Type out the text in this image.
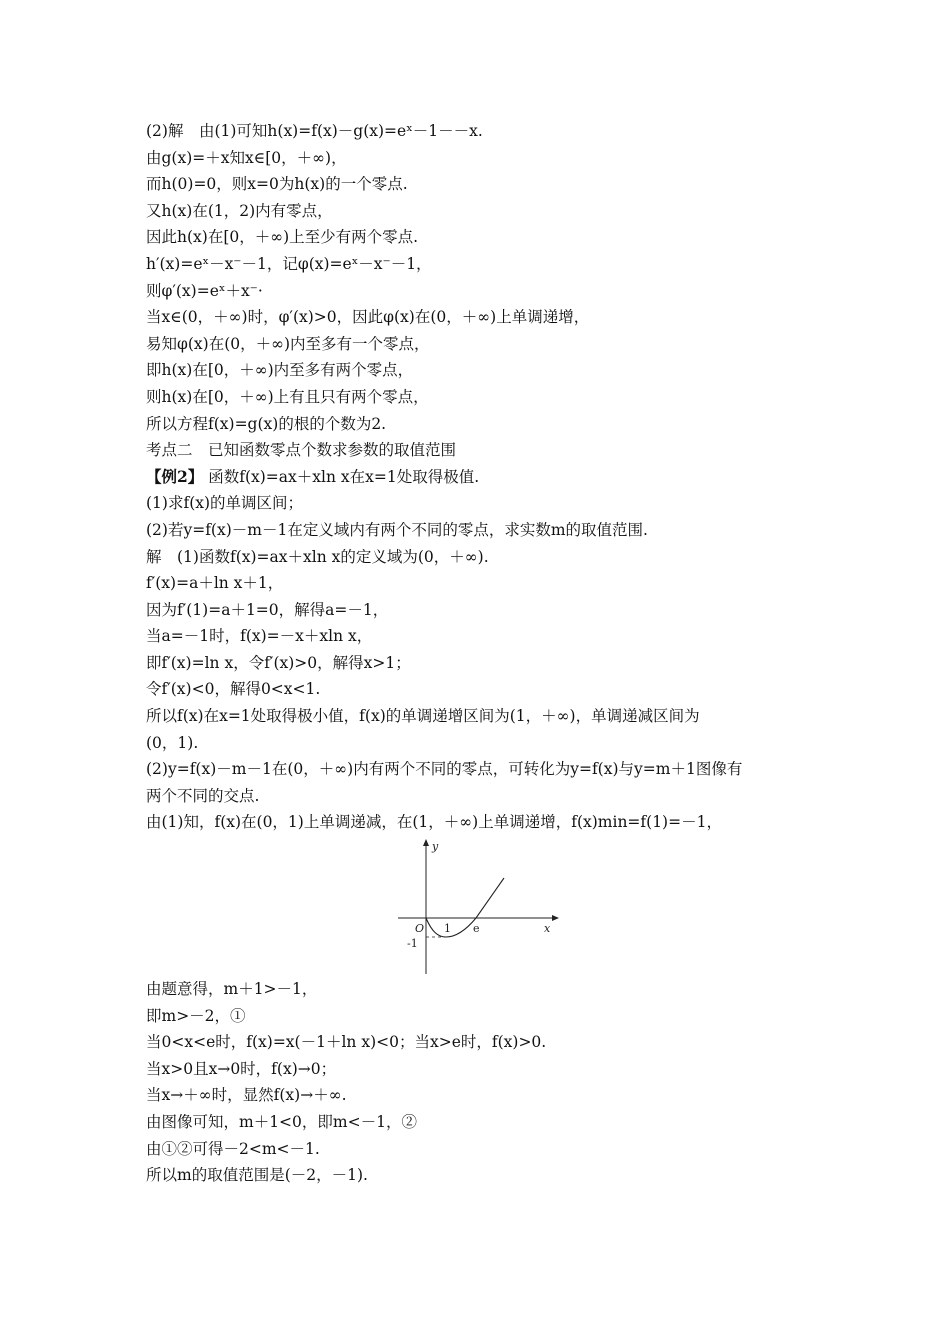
(2)解　由(1)可知h(x)=f(x)－g(x)=eˣ－1－－x.
由g(x)=＋x知x∈[0，＋∞)，
而h(0)=0，则x=0为h(x)的一个零点.
又h(x)在(1，2)内有零点，
因此h(x)在[0，＋∞)上至少有两个零点.
h′(x)=eˣ－x⁻－1，记φ(x)=eˣ－x⁻－1，
则φ′(x)=eˣ＋x⁻·
当x∈(0，＋∞)时，φ′(x)>0，因此φ(x)在(0，＋∞)上单调递增，
易知φ(x)在(0，＋∞)内至多有一个零点，
即h(x)在[0，＋∞)内至多有两个零点，
则h(x)在[0，＋∞)上有且只有两个零点，
所以方程f(x)=g(x)的根的个数为2.
考点二　已知函数零点个数求参数的取值范围
【例2】 函数f(x)=ax＋xln x在x=1处取得极值.
(1)求f(x)的单调区间；
(2)若y=f(x)－m－1在定义域内有两个不同的零点，求实数m的取值范围.
解　(1)函数f(x)=ax＋xln x的定义域为(0，＋∞).
f′(x)=a＋ln x＋1，
因为f′(1)=a＋1=0，解得a=－1，
当a=－1时，f(x)=－x＋xln x，
即f′(x)=ln x，令f′(x)>0，解得x>1；
令f′(x)<0，解得0<x<1.
所以f(x)在x=1处取得极小值，f(x)的单调递增区间为(1，＋∞)，单调递减区间为
(0，1).
(2)y=f(x)－m－1在(0，＋∞)内有两个不同的零点，可转化为y=f(x)与y=m＋1图像有
两个不同的交点.
由(1)知，f(x)在(0，1)上单调递减，在(1，＋∞)上单调递增，f(x)min=f(1)=－1，
y
x
O 1 e
-1
由题意得，m＋1>－1，
即m>－2，①
当0<x<e时，f(x)=x(－1＋ln x)<0；当x>e时，f(x)>0.
当x>0且x→0时，f(x)→0；
当x→＋∞时，显然f(x)→＋∞.
由图像可知，m＋1<0，即m<－1，②
由①②可得－2<m<－1.
所以m的取值范围是(－2，－1).
